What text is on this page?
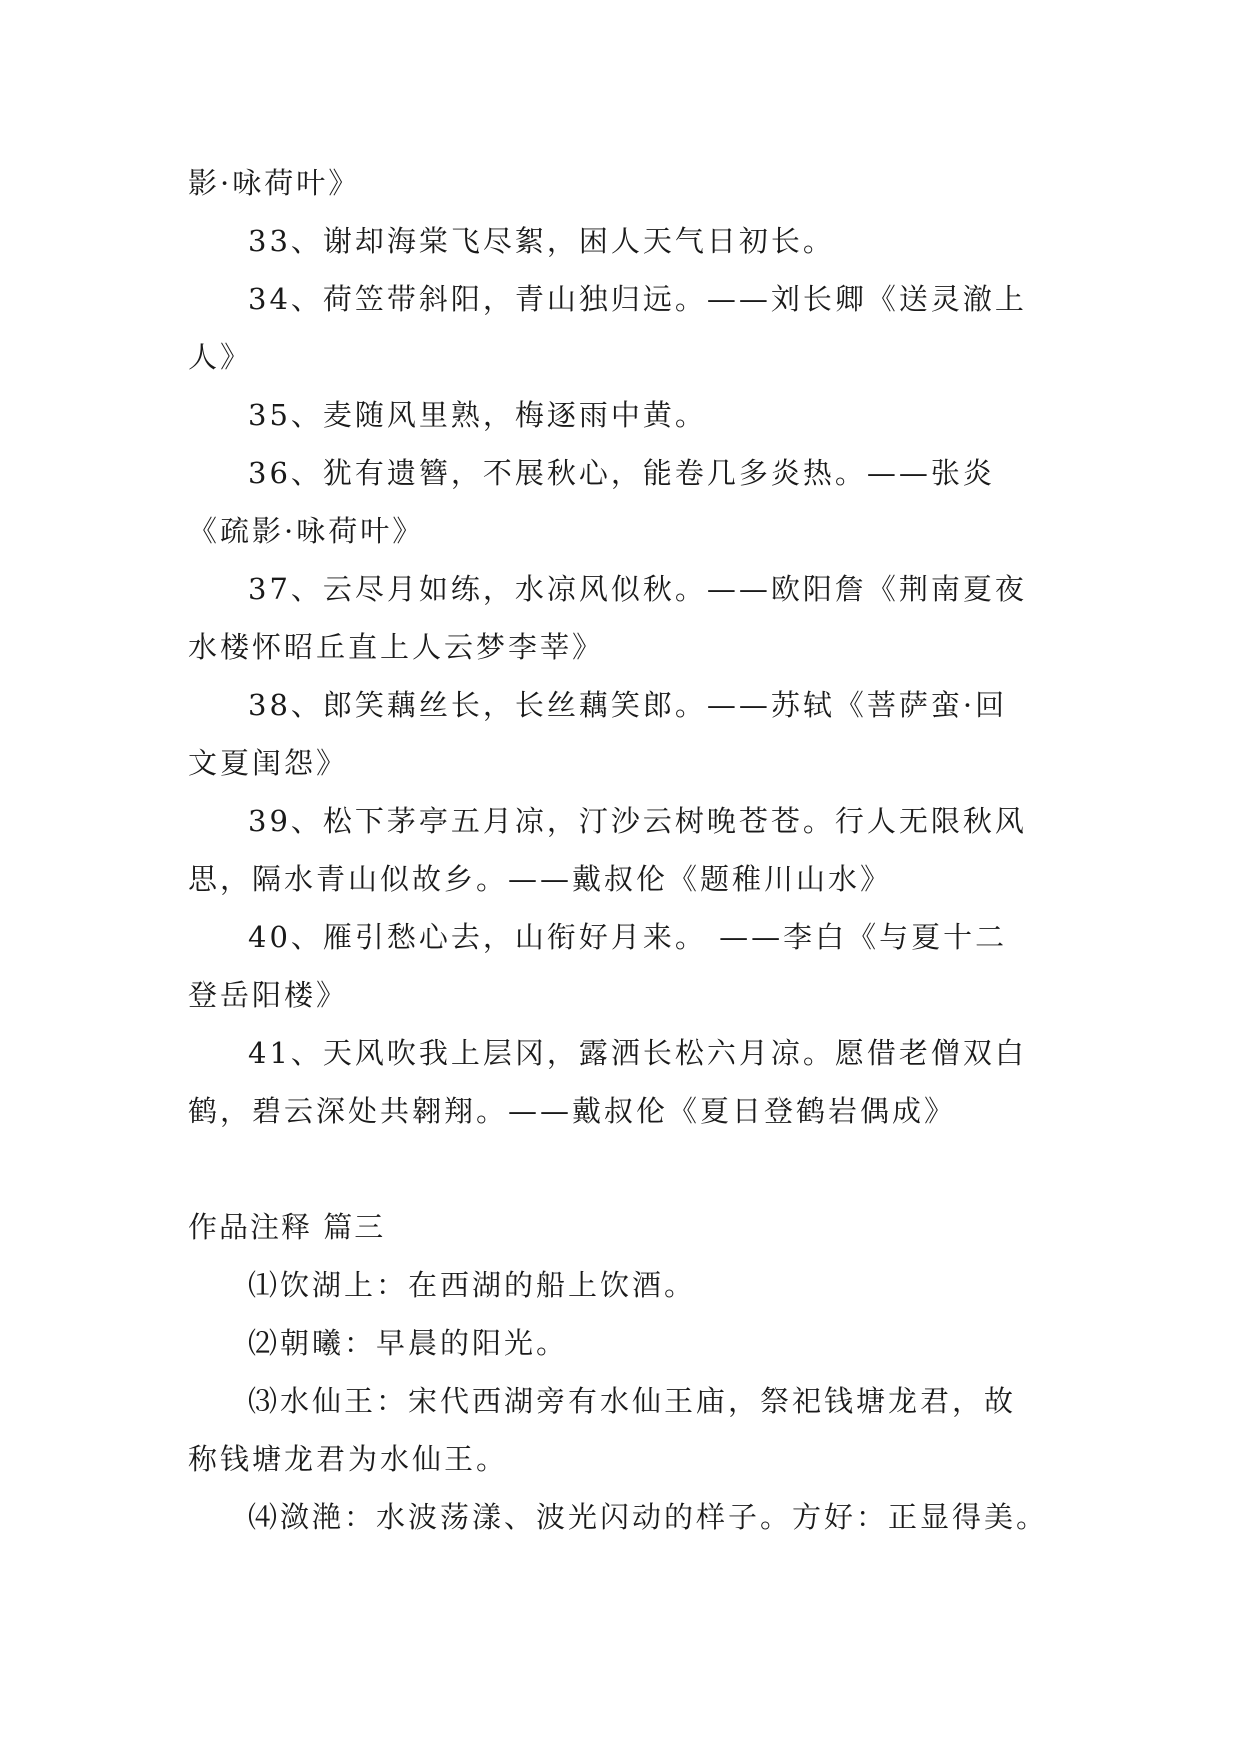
影·咏荷叶》
33、谢却海棠飞尽絮，困人天气日初长。
34、荷笠带斜阳，青山独归远。——刘长卿《送灵澈上
人》
35、麦随风里熟，梅逐雨中黄。
36、犹有遗簪，不展秋心，能卷几多炎热。——张炎
《疏影·咏荷叶》
37、云尽月如练，水凉风似秋。——欧阳詹《荆南夏夜
水楼怀昭丘直上人云梦李莘》
38、郎笑藕丝长，长丝藕笑郎。——苏轼《菩萨蛮·回
文夏闺怨》
39、松下茅亭五月凉，汀沙云树晚苍苍。行人无限秋风
思，隔水青山似故乡。——戴叔伦《题稚川山水》
40、雁引愁心去，山衔好月来。 ——李白《与夏十二
登岳阳楼》
41、天风吹我上层冈，露洒长松六月凉。愿借老僧双白
鹤，碧云深处共翱翔。——戴叔伦《夏日登鹤岩偶成》
作品注释 篇三
⑴饮湖上：在西湖的船上饮酒。
⑵朝曦：早晨的阳光。
⑶水仙王：宋代西湖旁有水仙王庙，祭祀钱塘龙君，故
称钱塘龙君为水仙王。
⑷潋滟：水波荡漾、波光闪动的样子。方好：正显得美。
